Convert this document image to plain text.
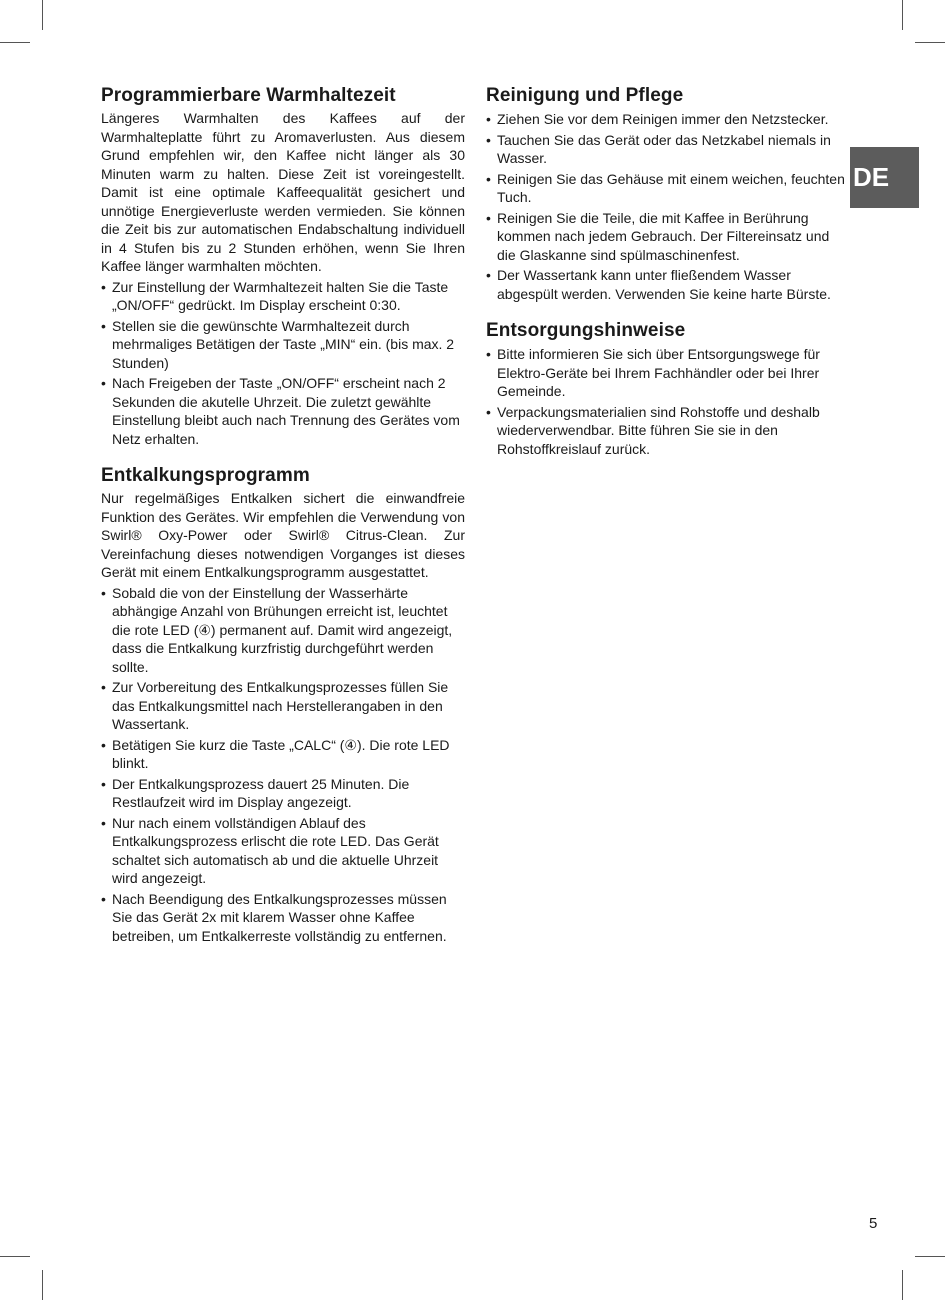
DE
Programmierbare Warmhaltezeit

Längeres Warmhalten des Kaffees auf der Warmhalteplatte führt zu Aromaverlusten. Aus diesem Grund empfehlen wir, den Kaffee nicht länger als 30 Minuten warm zu halten. Diese Zeit ist voreingestellt. Damit ist eine optimale Kaffeequalität gesichert und unnötige Energieverluste werden vermieden. Sie können die Zeit bis zur automatischen Endabschaltung individuell in 4 Stufen bis zu 2 Stunden erhöhen, wenn Sie Ihren Kaffee länger warmhalten möchten.

• Zur Einstellung der Warmhaltezeit halten Sie die Taste „ON/OFF“ gedrückt. Im Display erscheint 0:30.
• Stellen sie die gewünschte Warmhaltezeit durch mehrmaliges Betätigen der Taste „MIN“ ein. (bis max. 2 Stunden)
• Nach Freigeben der Taste „ON/OFF“ erscheint nach 2 Sekunden die akutelle Uhrzeit. Die zuletzt gewählte Einstellung bleibt auch nach Trennung des Gerätes vom Netz erhalten.
Entkalkungsprogramm

Nur regelmäßiges Entkalken sichert die einwandfreie Funktion des Gerätes. Wir empfehlen die Verwendung von Swirl® Oxy-Power oder Swirl® Citrus-Clean. Zur Vereinfachung dieses notwendigen Vorganges ist dieses Gerät mit einem Entkalkungsprogramm ausgestattet.

• Sobald die von der Einstellung der Wasserhärte abhängige Anzahl von Brühungen erreicht ist, leuchtet die rote LED (④) permanent auf. Damit wird angezeigt, dass die Entkalkung kurzfristig durchgeführt werden sollte.
• Zur Vorbereitung des Entkalkungsprozesses füllen Sie das Entkalkungsmittel nach Herstellerangaben in den Wassertank.
• Betätigen Sie kurz die Taste „CALC“ (④). Die rote LED blinkt.
• Der Entkalkungsprozess dauert 25 Minuten. Die Restlaufzeit wird im Display angezeigt.
• Nur nach einem vollständigen Ablauf des Entkalkungsprozess erlischt die rote LED. Das Gerät schaltet sich automatisch ab und die aktuelle Uhrzeit wird angezeigt.
• Nach Beendigung des Entkalkungsprozesses müssen Sie das Gerät 2x mit klarem Wasser ohne Kaffee betreiben, um Entkalkerreste vollständig zu entfernen.
Reinigung und Pflege
• Ziehen Sie vor dem Reinigen immer den Netzstecker.
• Tauchen Sie das Gerät oder das Netzkabel niemals in Wasser.
• Reinigen Sie das Gehäuse mit einem weichen, feuchten Tuch.
• Reinigen Sie die Teile, die mit Kaffee in Berührung kommen nach jedem Gebrauch. Der Filtereinsatz und die Glaskanne sind spülmaschinenfest.
• Der Wassertank kann unter fließendem Wasser abgespült werden. Verwenden Sie keine harte Bürste.
Entsorgungshinweise
• Bitte informieren Sie sich über Entsorgungswege für Elektro-Geräte bei Ihrem Fachhändler oder bei Ihrer Gemeinde.
• Verpackungsmaterialien sind Rohstoffe und deshalb wiederverwendbar. Bitte führen Sie sie in den Rohstoffkreislauf zurück.
5
